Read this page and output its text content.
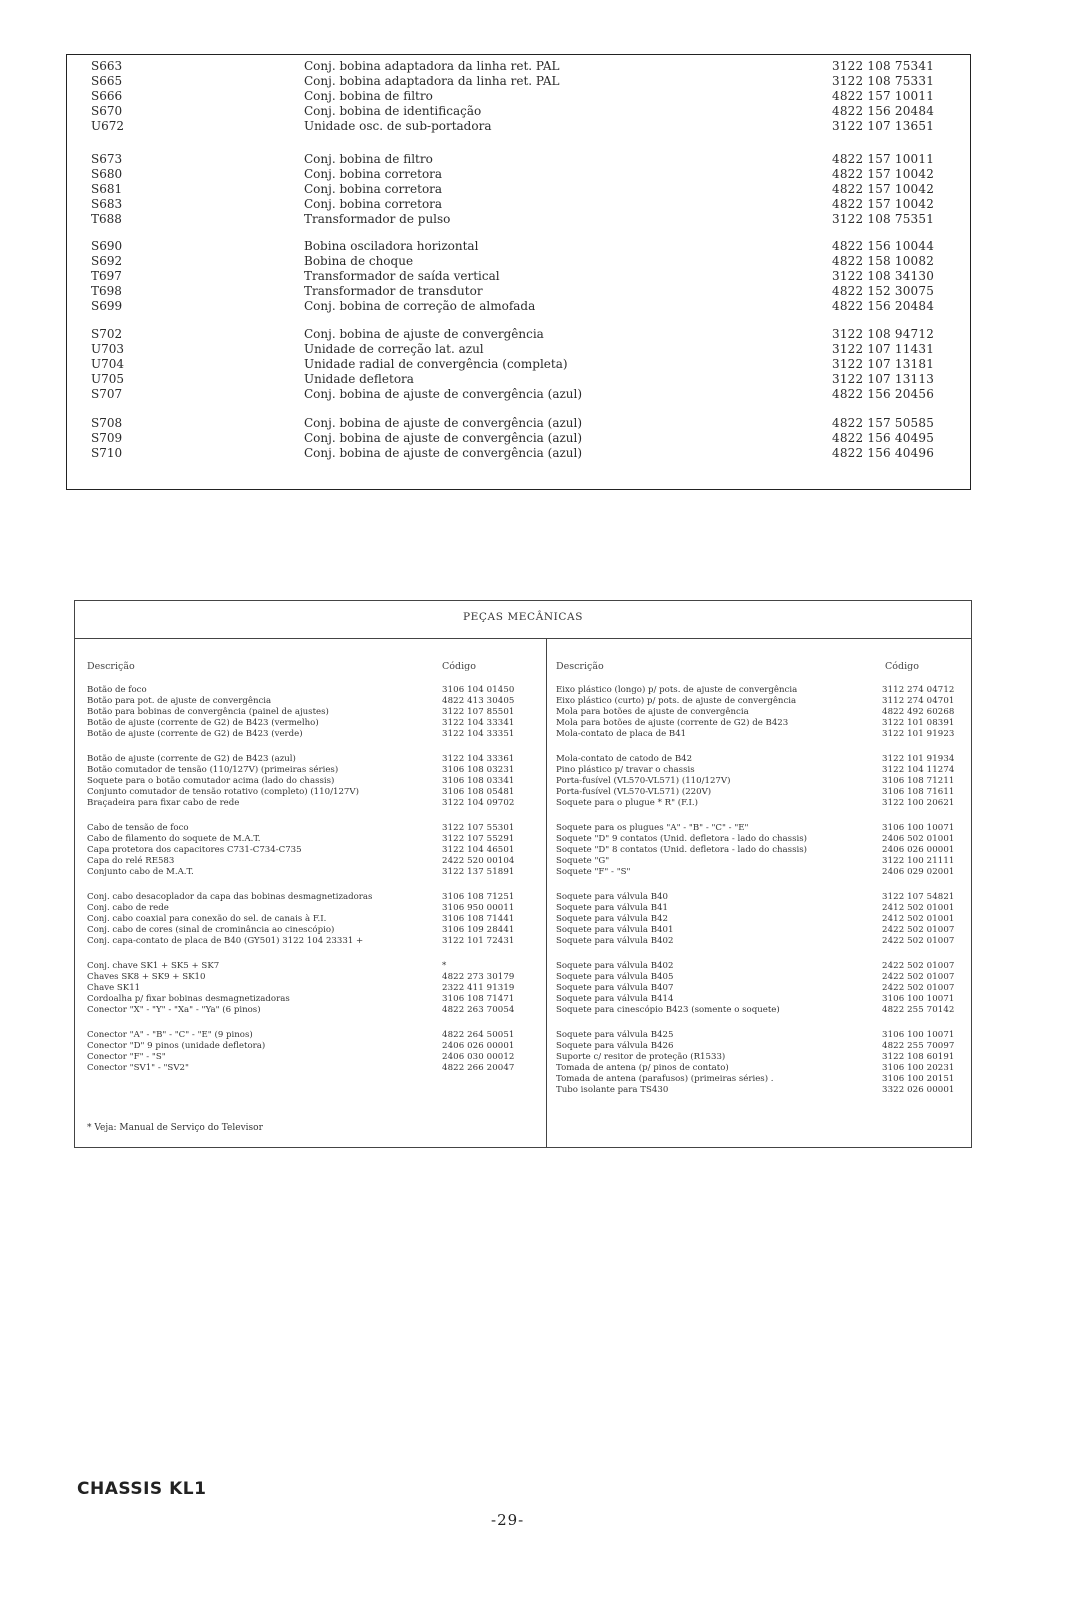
S663	Conj. bobina adaptadora da linha ret. PAL	3122 108 75341
S665	Conj. bobina adaptadora da linha ret. PAL	3122 108 75331
S666	Conj. bobina de filtro	4822 157 10011
S670	Conj. bobina de identificação	4822 156 20484
U672	Unidade osc. de sub-portadora	3122 107 13651
S673	Conj. bobina de filtro	4822 157 10011
S680	Conj. bobina corretora	4822 157 10042
S681	Conj. bobina corretora	4822 157 10042
S683	Conj. bobina corretora	4822 157 10042
T688	Transformador de pulso	3122 108 75351
S690	Bobina osciladora horizontal	4822 156 10044
S692	Bobina de choque	4822 158 10082
T697	Transformador de saída vertical	3122 108 34130
T698	Transformador de transdutor	4822 152 30075
S699	Conj. bobina de correção de almofada	4822 156 20484
S702	Conj. bobina de ajuste de convergência	3122 108 94712
U703	Unidade de correção lat. azul	3122 107 11431
U704	Unidade radial de convergência (completa)	3122 107 13181
U705	Unidade defletora	3122 107 13113
S707	Conj. bobina de ajuste de convergência (azul)	4822 156 20456
S708	Conj. bobina de ajuste de convergência (azul)	4822 157 50585
S709	Conj. bobina de ajuste de convergência (azul)	4822 156 40495
S710	Conj. bobina de ajuste de convergência (azul)	4822 156 40496
PEÇAS MECÂNICAS
Descrição	Código	Descrição	Código
* Veja: Manual de Serviço do Televisor
Botão de foco	3106 104 01450
Botão para pot. de ajuste de convergência	4822 413 30405
Botão para bobinas de convergência (painel de ajustes)	3122 107 85501
Botão de ajuste (corrente de G2) de B423 (vermelho)	3122 104 33341
Botão de ajuste (corrente de G2) de B423 (verde)	3122 104 33351
Botão de ajuste (corrente de G2) de B423 (azul)	3122 104 33361
Botão comutador de tensão (110/127V) (primeiras séries)	3106 108 03231
Soquete para o botão comutador acima (lado do chassis)	3106 108 03341
Conjunto comutador de tensão rotativo (completo) (110/127V)	3106 108 05481
Braçadeira para fixar cabo de rede	3122 104 09702
Cabo de tensão de foco	3122 107 55301
Cabo de filamento do soquete de M.A.T.	3122 107 55291
Capa protetora dos capacitores C731-C734-C735	3122 104 46501
Capa do relé RE583	2422 520 00104
Conjunto cabo de M.A.T.	3122 137 51891
Conj. cabo desacoplador da capa das bobinas desmagnetizadoras	3106 108 71251
Conj. cabo de rede	3106 950 00011
Conj. cabo coaxial para conexão do sel. de canais à F.I.	3106 108 71441
Conj. cabo de cores (sinal de crominância ao cinescópio)	3106 109 28441
Conj. capa-contato de placa de B40 (GY501) 3122 104 23331 +	3122 101 72431
Conj. chave SK1 + SK5 + SK7	*
Chaves SK8 + SK9 + SK10	4822 273 30179
Chave SK11	2322 411 91319
Cordoalha p/ fixar bobinas desmagnetizadoras	3106 108 71471
Conector "X" - "Y" - "Xa" - "Ya" (6 pinos)	4822 263 70054
Conector "A" - "B" - "C" - "E" (9 pinos)	4822 264 50051
Conector "D" 9 pinos (unidade defletora)	2406 026 00001
Conector "F" - "S"	2406 030 00012
Conector "SV1" - "SV2"	4822 266 20047
Eixo plástico (longo) p/ pots. de ajuste de convergência	3112 274 04712
Eixo plástico (curto) p/ pots. de ajuste de convergência	3112 274 04701
Mola para botões de ajuste de convergência	4822 492 60268
Mola para botões de ajuste (corrente de G2) de B423	3122 101 08391
Mola-contato de placa de B41	3122 101 91923
Mola-contato de catodo de B42	3122 101 91934
Pino plástico p/ travar o chassis	3122 104 11274
Porta-fusível (VL570-VL571) (110/127V)	3106 108 71211
Porta-fusível (VL570-VL571) (220V)	3106 108 71611
Soquete para o plugue * R" (F.I.)	3122 100 20621
Soquete para os plugues "A" - "B" - "C" - "E"	3106 100 10071
Soquete "D" 9 contatos (Unid. defletora - lado do chassis)	2406 502 01001
Soquete "D" 8 contatos (Unid. defletora - lado do chassis)	2406 026 00001
Soquete "G"	3122 100 21111
Soquete "F" - "S"	2406 029 02001
Soquete para válvula B40	3122 107 54821
Soquete para válvula B41	2412 502 01001
Soquete para válvula B42	2412 502 01001
Soquete para válvula B401	2422 502 01007
Soquete para válvula B402	2422 502 01007
Soquete para válvula B402	2422 502 01007
Soquete para válvula B405	2422 502 01007
Soquete para válvula B407	2422 502 01007
Soquete para válvula B414	3106 100 10071
Soquete para cinescópio B423 (somente o soquete)	4822 255 70142
Soquete para válvula B425	3106 100 10071
Soquete para válvula B426	4822 255 70097
Suporte c/ resitor de proteção (R1533)	3122 108 60191
Tomada de antena (p/ pinos de contato)	3106 100 20231
Tomada de antena (parafusos) (primeiras séries) .	3106 100 20151
Tubo isolante para TS430	3322 026 00001
CHASSIS KL1
-29-
